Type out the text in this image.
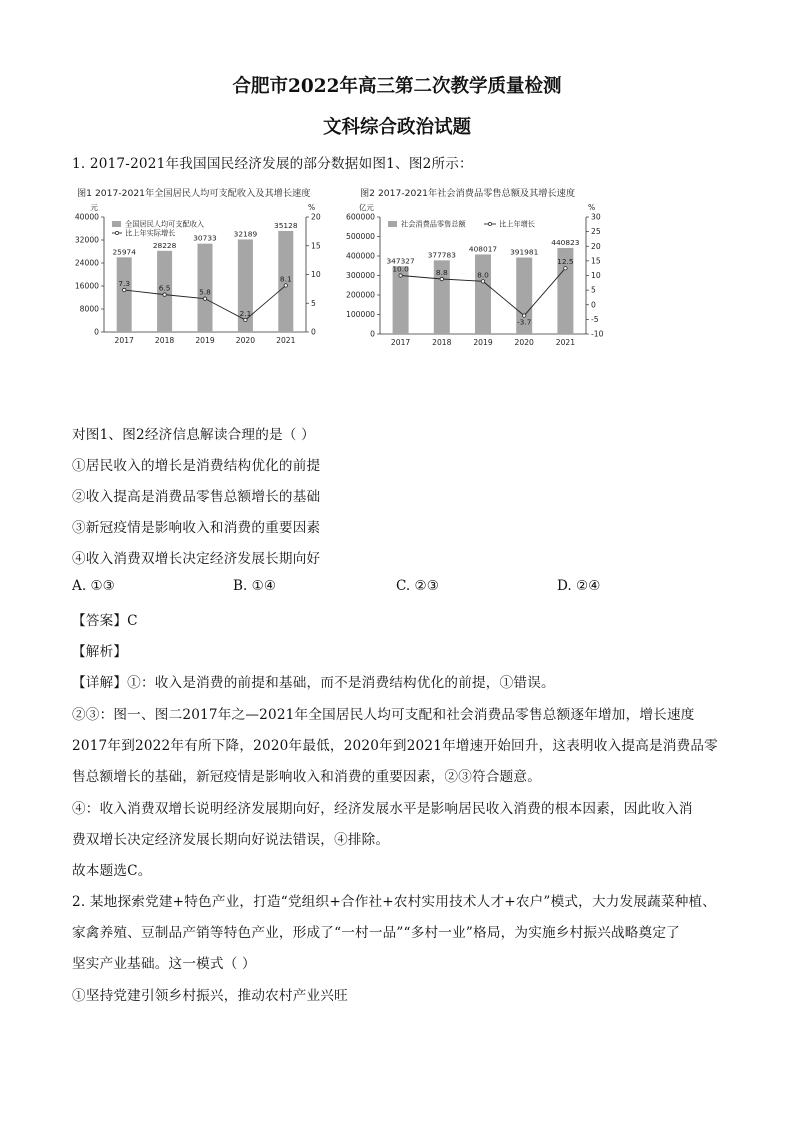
合肥市2022年高三第二次教学质量检测
文科综合政治试题
1. 2017-2021年我国国民经济发展的部分数据如图1、图2所示：
图1 2017-2021年全国居民人均可支配收入及其增长速度
元	%
40000
32000
24000
16000
8000
0
20
15
10
5
0
25974
2017
28228
2018
30733
2019
32189
2020
35128
2021
7.3
6.5	5.8
2.1
8.1
全国居民人均可支配收入
比上年实际增长
图2 2017-2021年社会消费品零售总额及其增长速度
亿元	%
600000
500000
400000
300000
200000
100000
0
30
25
20
15
10
5
0
-5
-10
347327
2017
377783
2018
408017
2019
391981
2020
440823
2021
10.0	8.8	8.0
-3.7
12.5
社会消费品零售总额	比上年增长
对图1、图2经济信息解读合理的是（ ）
①居民收入的增长是消费结构优化的前提
②收入提高是消费品零售总额增长的基础
③新冠疫情是影响收入和消费的重要因素
④收入消费双增长决定经济发展长期向好
A. ①③	B. ①④	C. ②③	D. ②④
【答案】C
【解析】
【详解】①：收入是消费的前提和基础，而不是消费结构优化的前提，①错误。
②③：图一、图二2017年之—2021年全国居民人均可支配和社会消费品零售总额逐年增加，增长速度
2017年到2022年有所下降，2020年最低，2020年到2021年增速开始回升，这表明收入提高是消费品零
售总额增长的基础，新冠疫情是影响收入和消费的重要因素，②③符合题意。
④：收入消费双增长说明经济发展期向好，经济发展水平是影响居民收入消费的根本因素，因此收入消
费双增长决定经济发展长期向好说法错误，④排除。
故本题选C。
2. 某地探索党建+特色产业，打造“党组织+合作社+农村实用技术人才+农户”模式，大力发展蔬菜种植、
家禽养殖、豆制品产销等特色产业，形成了“一村一品”“多村一业”格局，为实施乡村振兴战略奠定了
坚实产业基础。这一模式（ ）
①坚持党建引领乡村振兴，推动农村产业兴旺
